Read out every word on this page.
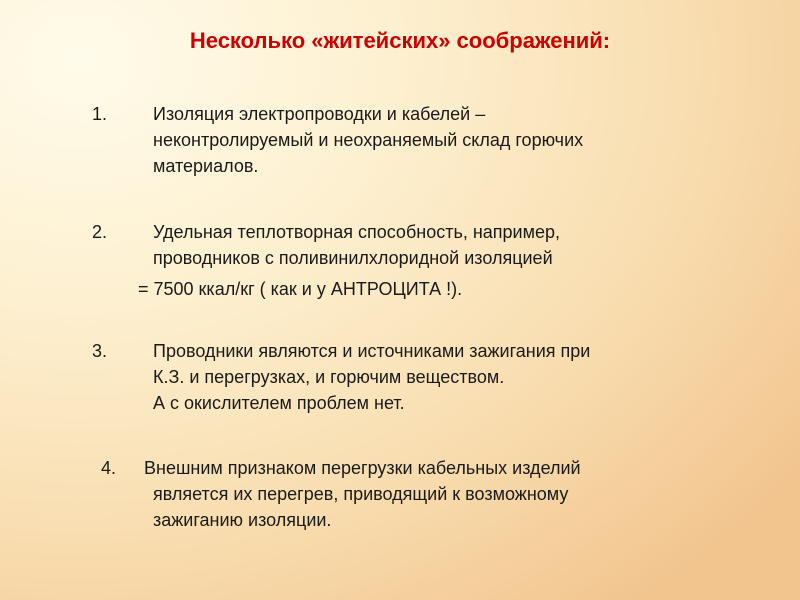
Несколько «житейских» соображений:
1.	Изоляция электропроводки и кабелей –
неконтролируемый и неохраняемый склад горючих
материалов.
2.	Удельная теплотворная способность, например,
проводников с поливинилхлоридной изоляцией
= 7500 ккал/кг ( как и у АНТРОЦИТА !).
3.	Проводники являются и источниками зажигания при
К.З. и перегрузках, и горючим веществом.
А с окислителем проблем нет.
4. Внешним признаком перегрузки кабельных изделий
является их перегрев, приводящий к возможному
зажиганию изоляции.
